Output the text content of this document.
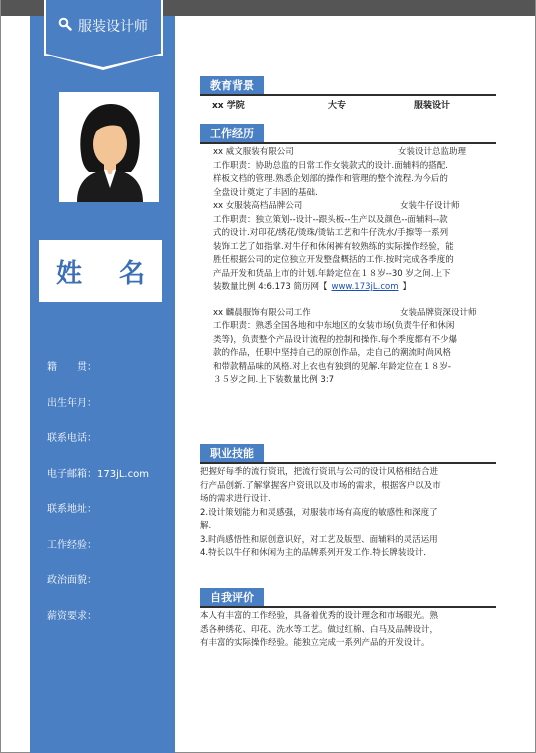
服装设计师
姓 名
籍　　贯：
出生年月：
联系电话：
电子邮箱：173jL.com
联系地址：
工作经验：
政治面貌：
薪资要求：
教育背景
xx 学院	大专	服装设计
工作经历
xx 威文服装有限公司	女装设计总监助理
工作职责：协助总监的日常工作女装款式的设计.面辅料的搭配.
样板文档的管理.熟悉企划部的操作和管理的整个流程.为今后的
全盘设计奠定了丰固的基础.
xx 女服装高档品牌公司	女装牛仔设计师
工作职责：独立策划--设计--跟头板--生产以及颜色--面辅料--款
式的设计.对印花/绣花/烫珠/烫钻工艺和牛仔洗水/手擦等一系列
装饰工艺了如指掌.对牛仔和休闲裤有较熟练的实际操作经验，能
胜任根据公司的定位独立开发整盘概括的工作.按时完成各季度的
产品开发和货品上市的计划.年龄定位在１８岁--30 岁之间.上下
装数量比例 4:6.173 简历网【 www.173jL.com 】
xx 麟晨服饰有限公司工作	女装品牌资深设计师
工作职责：熟悉全国各地和中东地区的女装市场(负责牛仔和休闲
类等)，负责整个产品设计流程的控制和操作.每个季度都有不少爆
款的作品，任职中坚持自己的原创作品，走自己的潮流时尚风格
和带款精品味的风格.对上衣也有独到的见解.年龄定位在１８岁-
３５岁之间.上下装数量比例 3:7
职业技能
把握好每季的流行资讯，把流行资讯与公司的设计风格相结合进
行产品创新.了解掌握客户资讯以及市场的需求，根据客户以及市
场的需求进行设计.
2.设计策划能力和灵感强，对服装市场有高度的敏感性和深度了
解.
3.时尚感悟性和原创意识好，对工艺及版型、面辅料的灵活运用
4.特长以牛仔和休闲为主的品牌系列开发工作.特长牌装设计．
自我评价
本人有丰富的工作经验，具备着优秀的设计理念和市场眼光。熟
悉各种绣花、印花、洗水等工艺。做过红棉、白马及品牌设计，
有丰富的实际操作经验。能独立完成一系列产品的开发设计。
